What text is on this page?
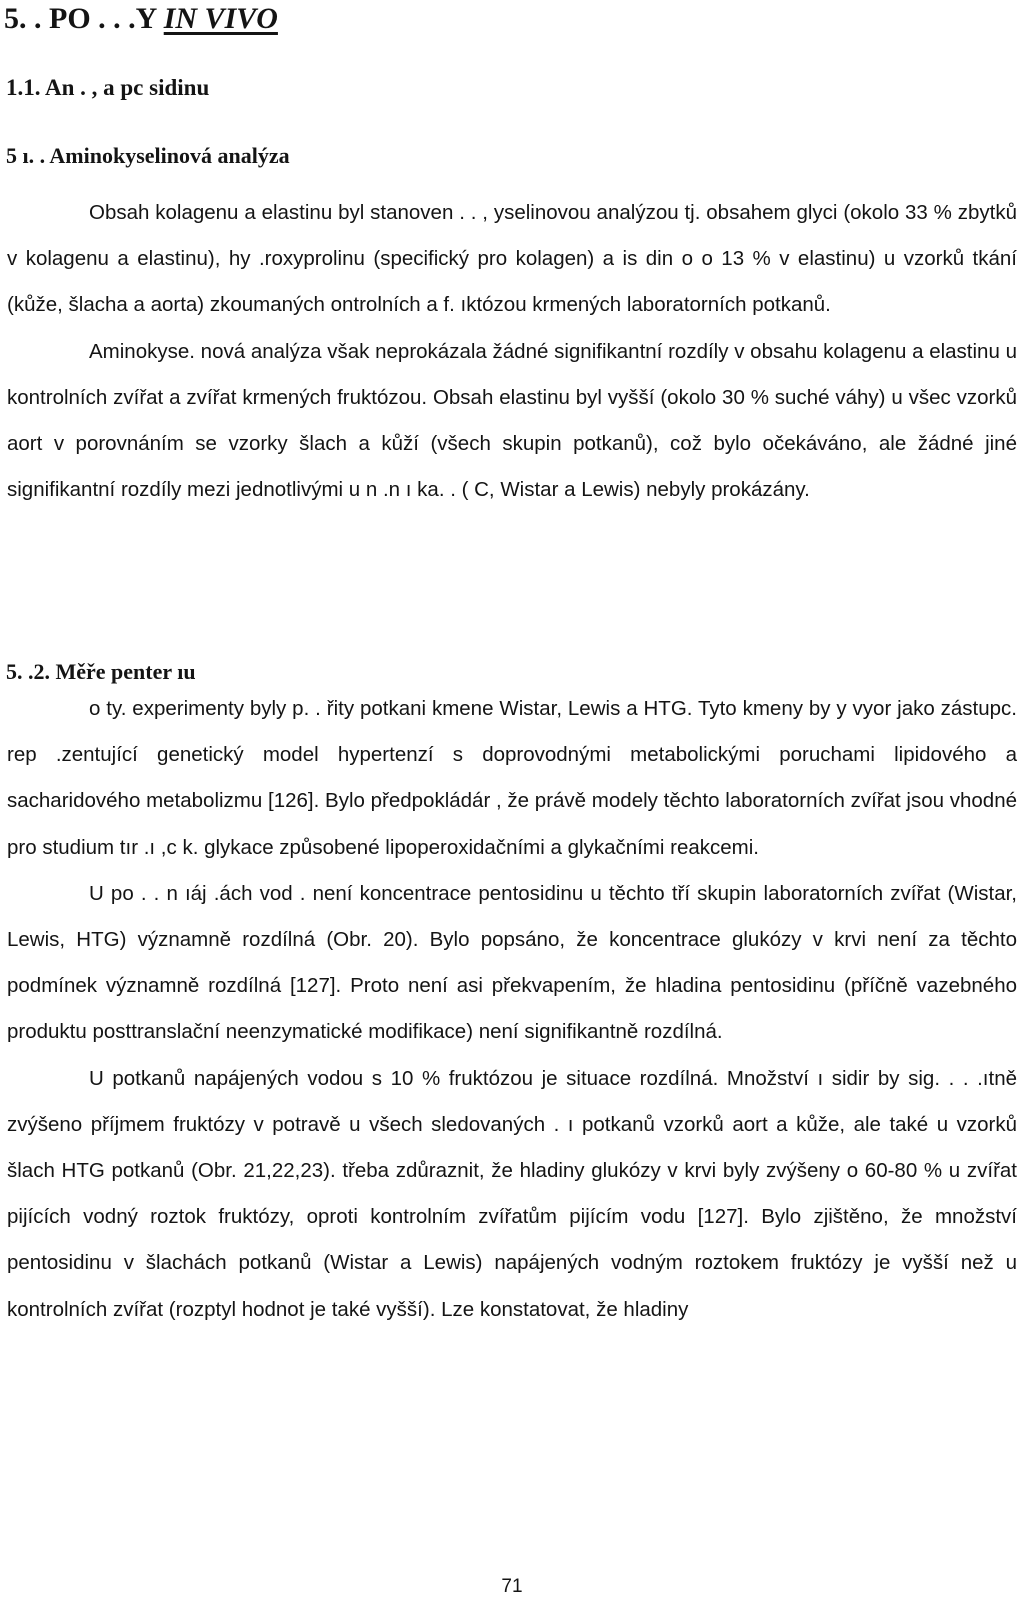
5. . PO . . .Y IN VIVO
1.1. An . , a pc sidinu
5 ı. . Aminokyselinová analýza

Obsah kolagenu a elastinu byl stanoven . . , yselinovou analýzou tj. obsahem glyci (okolo 33 % zbytků v kolagenu a elastinu), hy .roxyprolinu (specifický pro kolagen) a is din o o 13 % v elastinu) u vzorků tkání (kůže, šlacha a aorta) zkoumaných ontrolních a f. ıktózou krmených laboratorních potkanů.

Aminokyse. nová analýza však neprokázala žádné signifikantní rozdíly v obsahu kolagenu a elastinu u kontrolních zvířat a zvířat krmených fruktózou. Obsah elastinu byl vyšší (okolo 30 % suché váhy) u všec vzorků aort v porovnáním se vzorky šlach a kůží (všech skupin potkanů), což bylo očekáváno, ale žádné jiné signifikantní rozdíly mezi jednotlivými u n .n ı ka. . ( C, Wistar a Lewis) nebyly prokázány.

5. .2. Měře penter ıu

o ty. experimenty byly p. . řity potkani kmene Wistar, Lewis a HTG. Tyto kmeny by y vyor jako zástupc. rep .zentující genetický model hypertenzí s doprovodnými metabolickými poruchami lipidového a sacharidového metabolizmu [126]. Bylo předpokládár , že právě modely těchto laboratorních zvířat jsou vhodné pro studium tır .ı ,c k. glykace způsobené lipoperoxidačními a glykačními reakcemi.

U po . . n ıáj .ách vod . není koncentrace pentosidinu u těchto tří skupin laboratorních zvířat (Wistar, Lewis, HTG) významně rozdílná (Obr. 20). Bylo popsáno, že koncentrace glukózy v krvi není za těchto podmínek významně rozdílná [127]. Proto není asi překvapením, že hladina pentosidinu (příčně vazebného produktu posttranslační neenzymatické modifikace) není signifikantně rozdílná.

U potkanů napájených vodou s 10 % fruktózou je situace rozdílná. Množství ı sidir by sig. . . .ıtně zvýšeno příjmem fruktózy v potravě u všech sledovaných . ı potkanů vzorků aort a kůže, ale také u vzorků šlach HTG potkanů (Obr. 21,22,23). třeba zdůraznit, že hladiny glukózy v krvi byly zvýšeny o 60-80 % u zvířat pijících vodný roztok fruktózy, oproti kontrolním zvířatům pijícím vodu [127]. Bylo zjištěno, že množství pentosidinu v šlachách potkanů (Wistar a Lewis) napájených vodným roztokem fruktózy je vyšší než u kontrolních zvířat (rozptyl hodnot je také vyšší). Lze konstatovat, že hladiny

71
